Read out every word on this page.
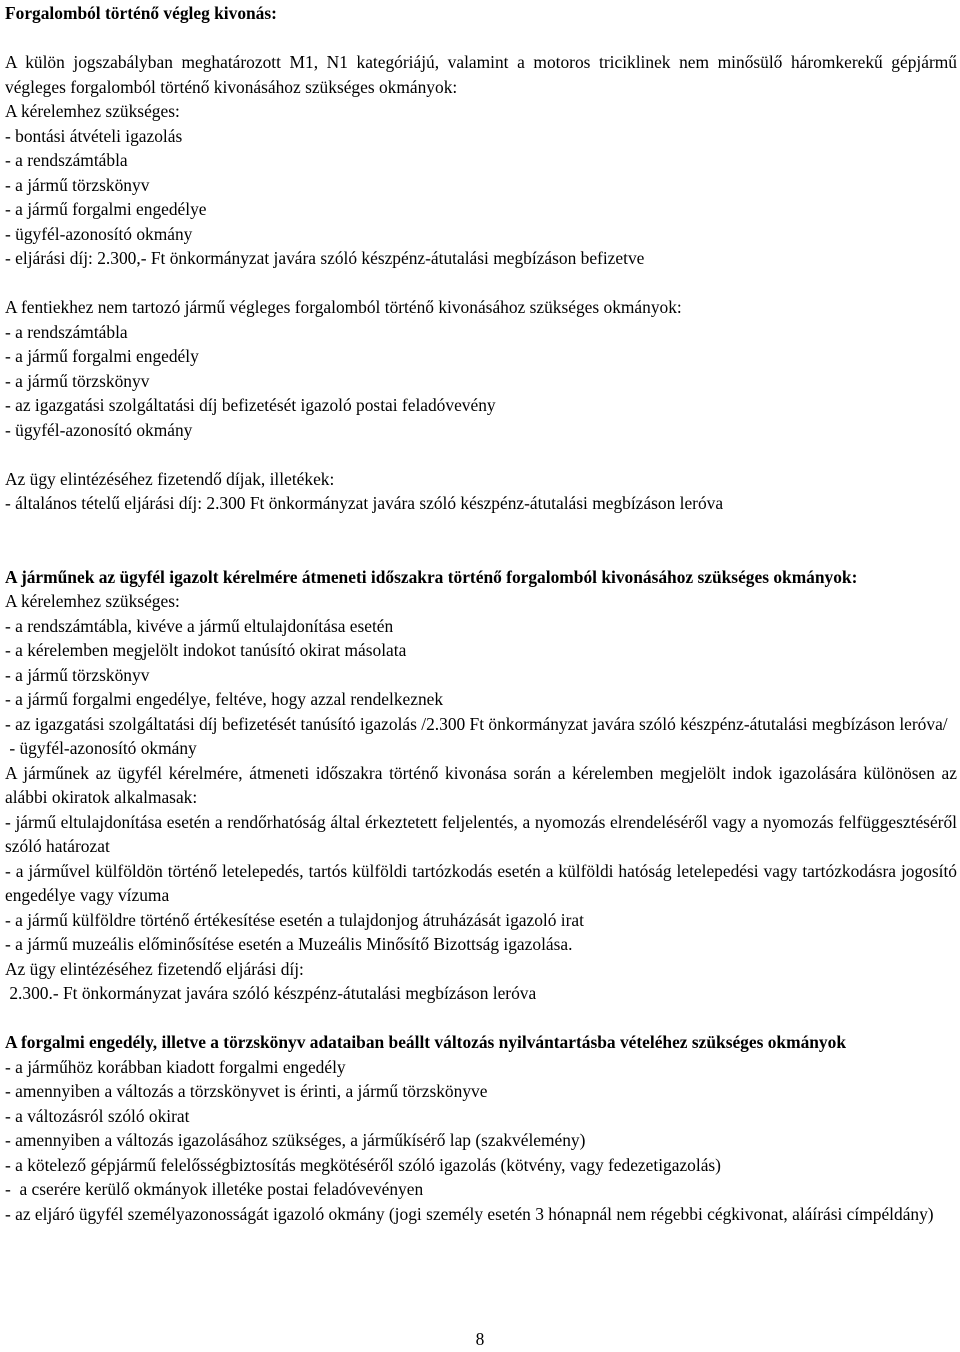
Forgalomból történő végleg kivonás:

A külön jogszabályban meghatározott M1, N1 kategóriájú, valamint a motoros triciklinek nem minősülő háromkerekű gépjármű végleges forgalomból történő kivonásához szükséges okmányok:

A kérelemhez szükséges:

- bontási átvételi igazolás

- a rendszámtábla

- a jármű törzskönyv

- a jármű forgalmi engedélye

- ügyfél-azonosító okmány

- eljárási díj: 2.300,- Ft önkormányzat javára szóló készpénz-átutalási megbízáson befizetve

A fentiekhez nem tartozó jármű végleges forgalomból történő kivonásához szükséges okmányok:

- a rendszámtábla

- a jármű forgalmi engedély

- a jármű törzskönyv

- az igazgatási szolgáltatási díj befizetését igazoló postai feladóvevény

- ügyfél-azonosító okmány

Az ügy elintézéséhez fizetendő díjak, illetékek:

- általános tételű eljárási díj: 2.300 Ft önkormányzat javára szóló készpénz-átutalási megbízáson leróva

A járműnek az ügyfél igazolt kérelmére átmeneti időszakra történő forgalomból kivonásához szükséges okmányok:

A kérelemhez szükséges:

- a rendszámtábla, kivéve a jármű eltulajdonítása esetén

- a kérelemben megjelölt indokot tanúsító okirat másolata

- a jármű törzskönyv

- a jármű forgalmi engedélye, feltéve, hogy azzal rendelkeznek

- az igazgatási szolgáltatási díj befizetését tanúsító igazolás /2.300 Ft önkormányzat javára szóló készpénz-átutalási megbízáson leróva/

- ügyfél-azonosító okmány

A járműnek az ügyfél kérelmére, átmeneti időszakra történő kivonása során a kérelemben megjelölt indok igazolására különösen az alábbi okiratok alkalmasak:

- jármű eltulajdonítása esetén a rendőrhatóság által érkeztetett feljelentés, a nyomozás elrendeléséről vagy a nyomozás felfüggesztéséről szóló határozat

- a járművel külföldön történő letelepedés, tartós külföldi tartózkodás esetén a külföldi hatóság letelepedési vagy tartózkodásra jogosító engedélye vagy vízuma

- a jármű külföldre történő értékesítése esetén a tulajdonjog átruházását igazoló irat

- a jármű muzeális előminősítése esetén a Muzeális Minősítő Bizottság igazolása.

Az ügy elintézéséhez fizetendő eljárási díj:

2.300.- Ft önkormányzat javára szóló készpénz-átutalási megbízáson leróva

A forgalmi engedély, illetve a törzskönyv adataiban beállt változás nyilvántartásba vételéhez szükséges okmányok

- a járműhöz korábban kiadott forgalmi engedély

- amennyiben a változás a törzskönyvet is érinti, a jármű törzskönyve

- a változásról szóló okirat

- amennyiben a változás igazolásához szükséges, a járműkísérő lap (szakvélemény)

- a kötelező gépjármű felelősségbiztosítás megkötéséről szóló igazolás (kötvény, vagy fedezetigazolás)

-  a cserére kerülő okmányok illetéke postai feladóvevényen

- az eljáró ügyfél személyazonosságát igazoló okmány (jogi személy esetén 3 hónapnál nem régebbi cégkivonat, aláírási címpéldány)

8
